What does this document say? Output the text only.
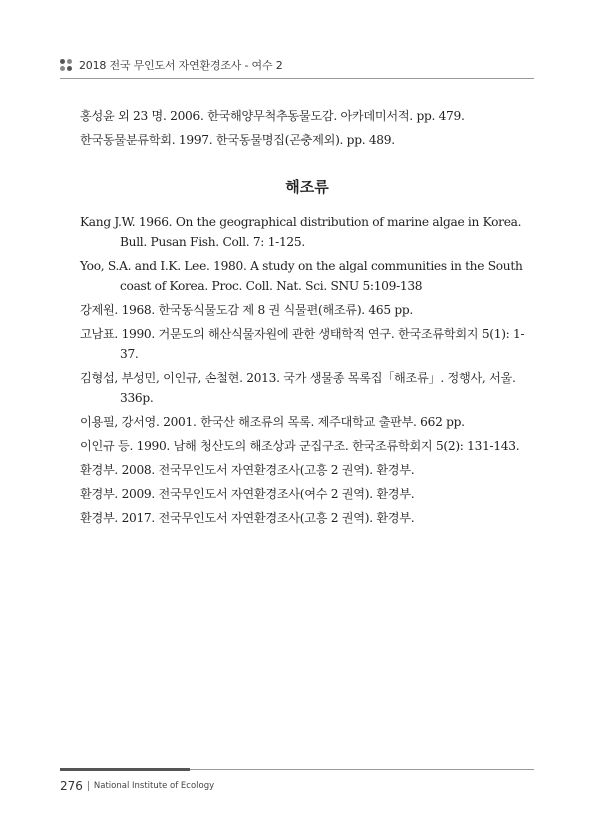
2018 전국 무인도서 자연환경조사 - 여수 2

홍성윤 외 23 명. 2006. 한국해양무척추동물도감. 아카데미서적. pp. 479.

한국동물분류학회. 1997. 한국동물명집(곤충제외). pp. 489.

해조류

Kang J.W. 1966. On the geographical distribution of marine algae in Korea. Bull. Pusan Fish. Coll. 7: 1-125.

Yoo, S.A. and I.K. Lee. 1980. A study on the algal communities in the South coast of Korea. Proc. Coll. Nat. Sci. SNU 5:109-138

강제원. 1968. 한국동식물도감 제 8 권 식물편(해조류). 465 pp.

고남표. 1990. 거문도의 해산식물자원에 관한 생태학적 연구. 한국조류학회지 5(1): 1-37.

김형섭, 부성민, 이인규, 손철현. 2013. 국가 생물종 목록집「해조류」. 정행사, 서울. 336p.

이용필, 강서영. 2001. 한국산 해조류의 목록. 제주대학교 출판부. 662 pp.

이인규 등. 1990. 남해 청산도의 해조상과 군집구조. 한국조류학회지 5(2): 131-143.

환경부. 2008. 전국무인도서 자연환경조사(고흥 2 권역). 환경부.

환경부. 2009. 전국무인도서 자연환경조사(여수 2 권역). 환경부.

환경부. 2017. 전국무인도서 자연환경조사(고흥 2 권역). 환경부.

276 National Institute of Ecology
